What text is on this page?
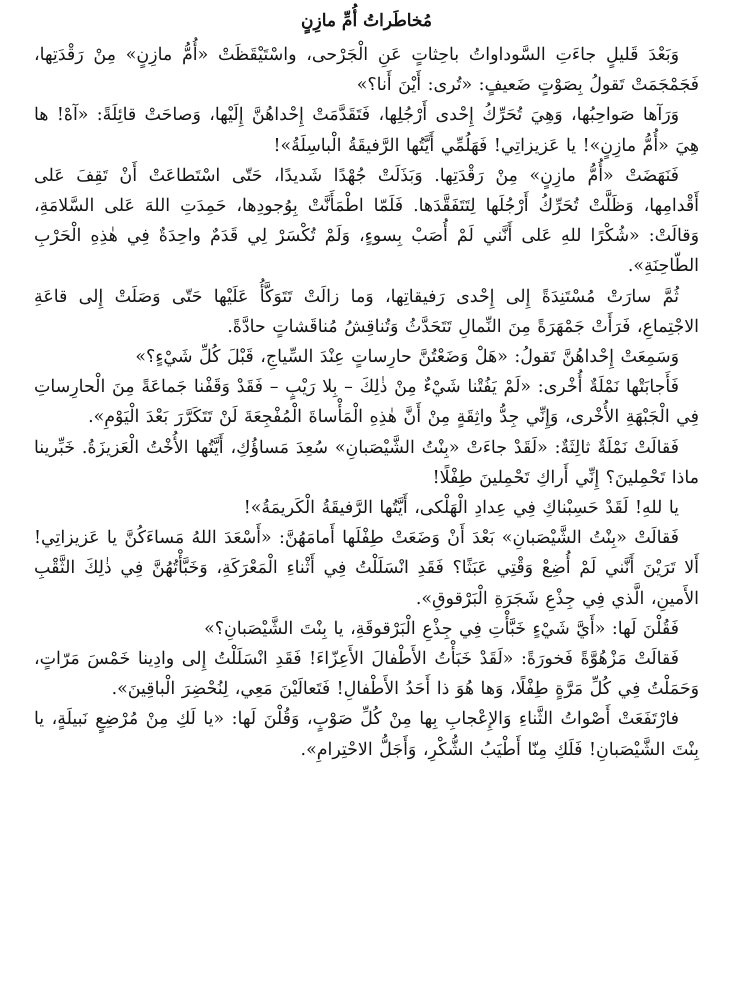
مُخاطَراتُ أُمِّ مازِنٍ

وَبَعْدَ قَليلٍ جاءَتِ السَّوداواتُ باحِثاتٍ عَنِ الْجَرْحى، واسْتَيْقَظَتْ «أُمُّ مازِنٍ» مِنْ رَقْدَتِها، فَجَمْجَمَتْ تَقولُ بِصَوْتٍ ضَعيفٍ: «تُرى: أَيْنَ أَنا؟»

وَرَآها صَواحِبُها، وَهِيَ تُحَرِّكُ إِحْدى أَرْجُلِها، فَتَقَدَّمَتْ إِحْداهُنَّ إِلَيْها، وَصاحَتْ قائِلَةً: «آهْ! ها هِيَ «أُمُّ مازِنٍ»! يا عَزيزاتِي! فَهَلُمِّي أَيَّتُها الرَّفيقَةُ الْباسِلَةُ»!

فَنَهَضَتْ «أُمُّ مازِنٍ» مِنْ رَقْدَتِها. وَبَذَلَتْ جُهْدًا شَديدًا، حَتّى اسْتَطاعَتْ أَنْ تَقِفَ عَلى أَقْدامِها، وَظَلَّتْ تُحَرِّكُ أَرْجُلَها لِتَتَفَقَّدَها. فَلَمّا اطْمَأَنَّتْ بِوُجودِها، حَمِدَتِ اللهَ عَلى السَّلامَةِ، وَقالَتْ: «شُكْرًا للهِ عَلى أَنَّني لَمْ أُصَبْ بِسوءٍ، وَلَمْ تُكْسَرْ لِي قَدَمٌ واحِدَةٌ فِي هٰذِهِ الْحَرْبِ الطّاحِنَةِ».

ثُمَّ سارَتْ مُسْتَنِدَةً إِلى إِحْدى رَفيقاتِها، وَما زالَتْ تَتَوَكَّأُ عَلَيْها حَتّى وَصَلَتْ إِلى قاعَةِ الاجْتِماعِ، فَرَأَتْ جَمْهَرَةً مِنَ النِّمالِ تَتَحَدَّثُ وَتُناقِشُ مُناقَشاتٍ حادَّةً.

وَسَمِعَتْ إِحْداهُنَّ تَقولُ: «هَلْ وَضَعْتُنَّ حارِساتٍ عِنْدَ السِّياجِ، قَبْلَ كُلِّ شَيْءٍ؟»

فَأَجابَتْها نَمْلَةٌ أُخْرى: «لَمْ يَفُتْنا شَيْءٌ مِنْ ذٰلِكَ – بِلا رَيْبٍ – فَقَدْ وَقَفْنا جَماعَةً مِنَ الْحارِساتِ فِي الْجَبْهَةِ الأُخْرى، وَإِنِّي جِدُّ واثِقَةٍ مِنْ أَنَّ هٰذِهِ الْمَأْساةَ الْمُفْجِعَةَ لَنْ تَتَكَرَّرَ بَعْدَ الْيَوْمِ».

فَقالَتْ نَمْلَةٌ ثالِثَةٌ: «لَقَدْ جاءَتْ «بِنْتُ الشَّيْصَبانِ» سُعِدَ مَساؤُكِ، أَيَّتُها الأُخْتُ الْعَزيزَةُ. خَبِّرينا ماذا تَحْمِلينَ؟ إِنِّي أَراكِ تَحْمِلينَ طِفْلًا!

يا للهِ! لَقَدْ حَسِبْناكِ فِي عِدادِ الْهَلْكى، أَيَّتُها الرَّفيقَةُ الْكَريمَةُ»!

فَقالَتْ «بِنْتُ الشَّيْصَبانِ» بَعْدَ أَنْ وَضَعَتْ طِفْلَها أَمامَهُنَّ: «أَسْعَدَ اللهُ مَساءَكُنَّ يا عَزيزاتِي! أَلا تَرَيْنَ أَنَّني لَمْ أُضِعْ وَقْتِي عَبَثًا؟ فَقَدِ انْسَلَلْتُ فِي أَثْناءِ الْمَعْرَكَةِ، وَخَبَّأْتُهُنَّ فِي ذٰلِكَ الثَّقْبِ الأَمينِ، الَّذي فِي جِذْعِ شَجَرَةِ الْبَرْقوقِ».

فَقُلْنَ لَها: «أَيَّ شَيْءٍ خَبَّأْتِ فِي جِذْعِ الْبَرْقوقَةِ، يا بِنْتَ الشَّيْصَبانِ؟»

فَقالَتْ مَزْهُوَّةً فَخورَةً: «لَقَدْ خَبَأْتُ الأَطْفالَ الأَعِزّاءَ! فَقَدِ انْسَلَلْتُ إِلى وادِينا خَمْسَ مَرّاتٍ، وَحَمَلْتُ فِي كُلِّ مَرَّةٍ طِفْلًا، وَها هُوَ ذا أَحَدُ الأَطْفالِ! فَتَعالَيْنَ مَعِي، لِنُحْضِرَ الْباقِينَ».

فارْتَفَعَتْ أَصْواتُ الثَّناءِ وَالإِعْجابِ بِها مِنْ كُلِّ صَوْبٍ، وَقُلْنَ لَها: «يا لَكِ مِنْ مُرْضِعٍ نَبيلَةٍ، يا بِنْتَ الشَّيْصَبانِ! فَلَكِ مِنّا أَطْيَبُ الشُّكْرِ، وَأَجَلُّ الاحْتِرامِ».
